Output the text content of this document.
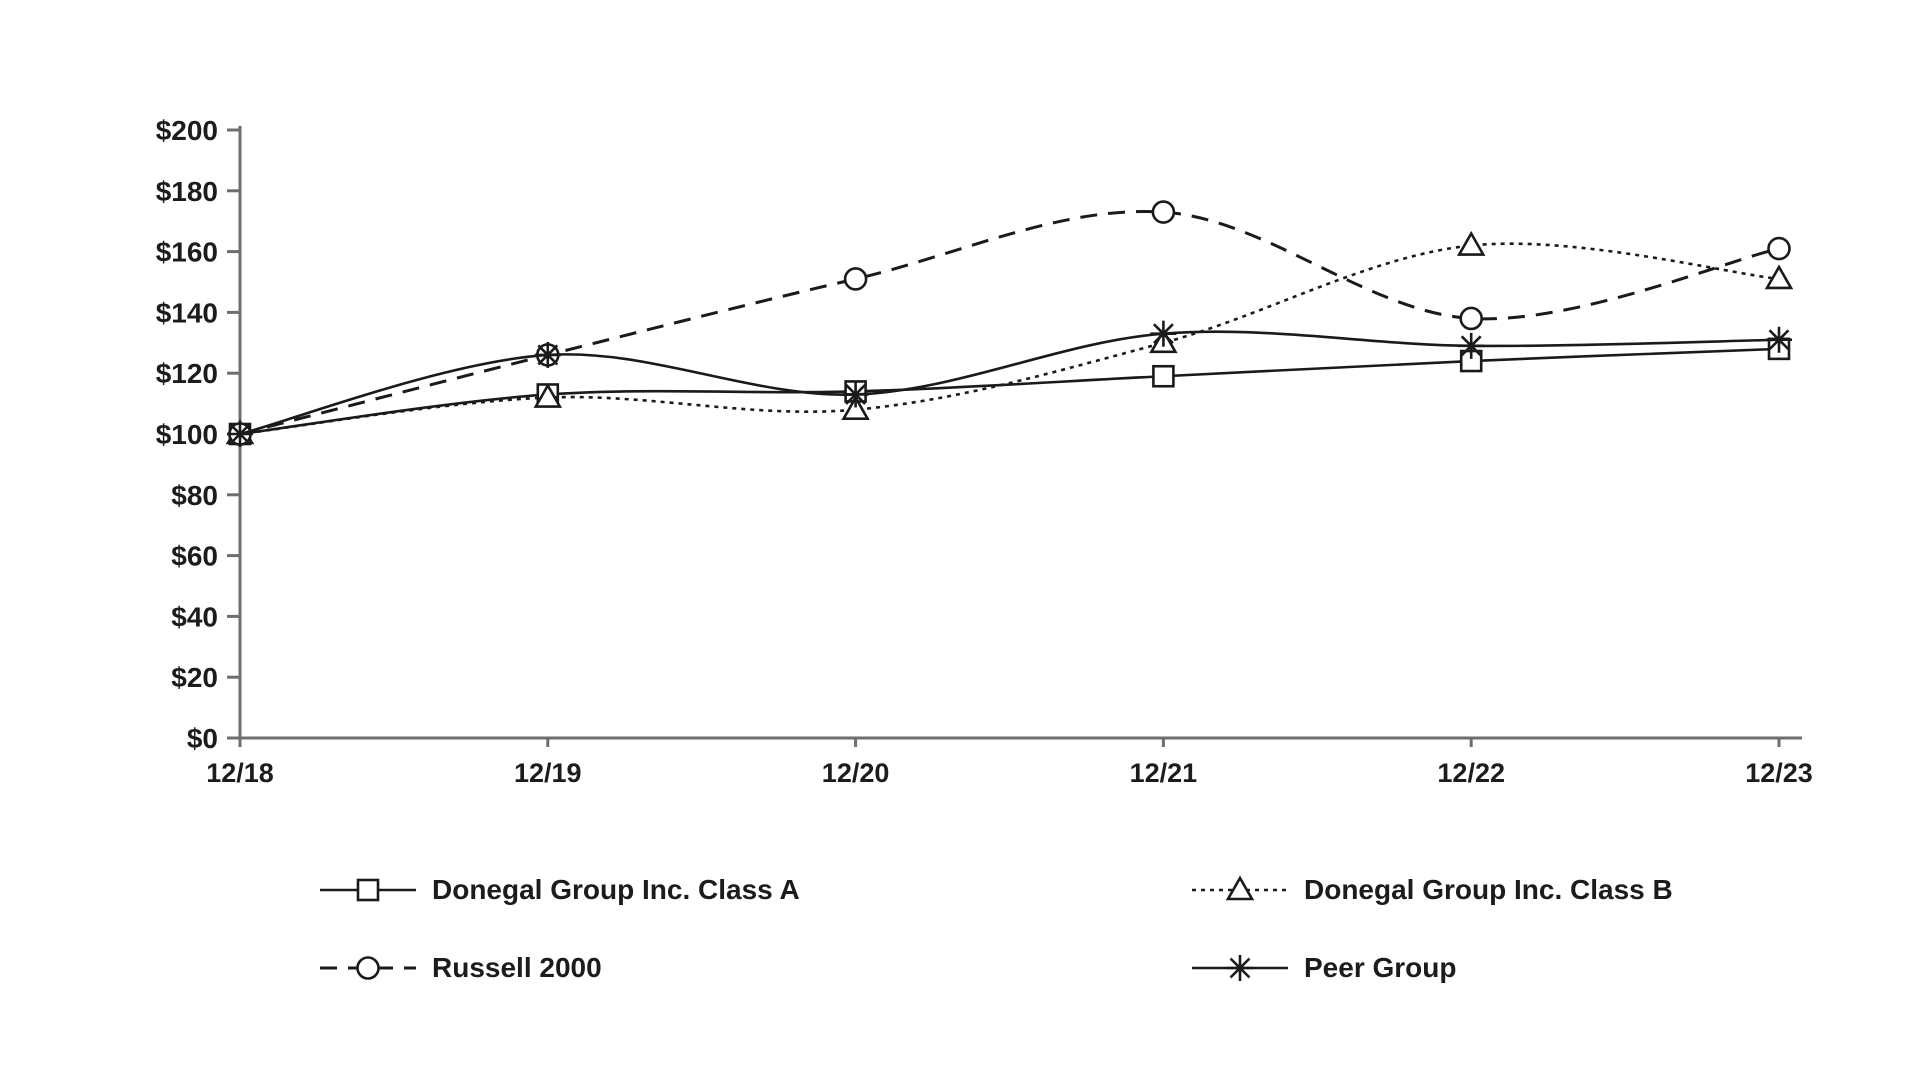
$0
$20
$40
$60
$80
$100
$120
$140
$160
$180
$200
12/18	12/19	12/20	12/21	12/22	12/23
Donegal Group Inc. Class A	Donegal Group Inc. Class B
Russell 2000	Peer Group
